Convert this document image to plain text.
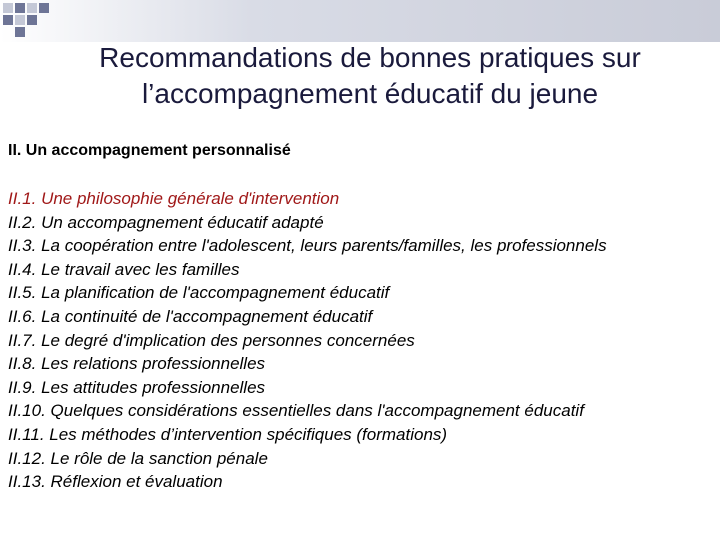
Recommandations de bonnes pratiques sur
l’accompagnement éducatif du jeune
II. Un accompagnement personnalisé
II.1. Une philosophie générale d'intervention
II.2. Un accompagnement éducatif adapté
II.3. La coopération entre l'adolescent, leurs parents/familles, les professionnels
II.4. Le travail avec les familles
II.5. La planification de l'accompagnement éducatif
II.6. La continuité de l'accompagnement éducatif
II.7. Le degré d'implication des personnes concernées
II.8. Les relations professionnelles
II.9. Les attitudes professionnelles
II.10. Quelques considérations essentielles dans l'accompagnement éducatif
II.11. Les méthodes d’intervention spécifiques (formations)
II.12. Le rôle de la sanction pénale
II.13. Réflexion et évaluation
